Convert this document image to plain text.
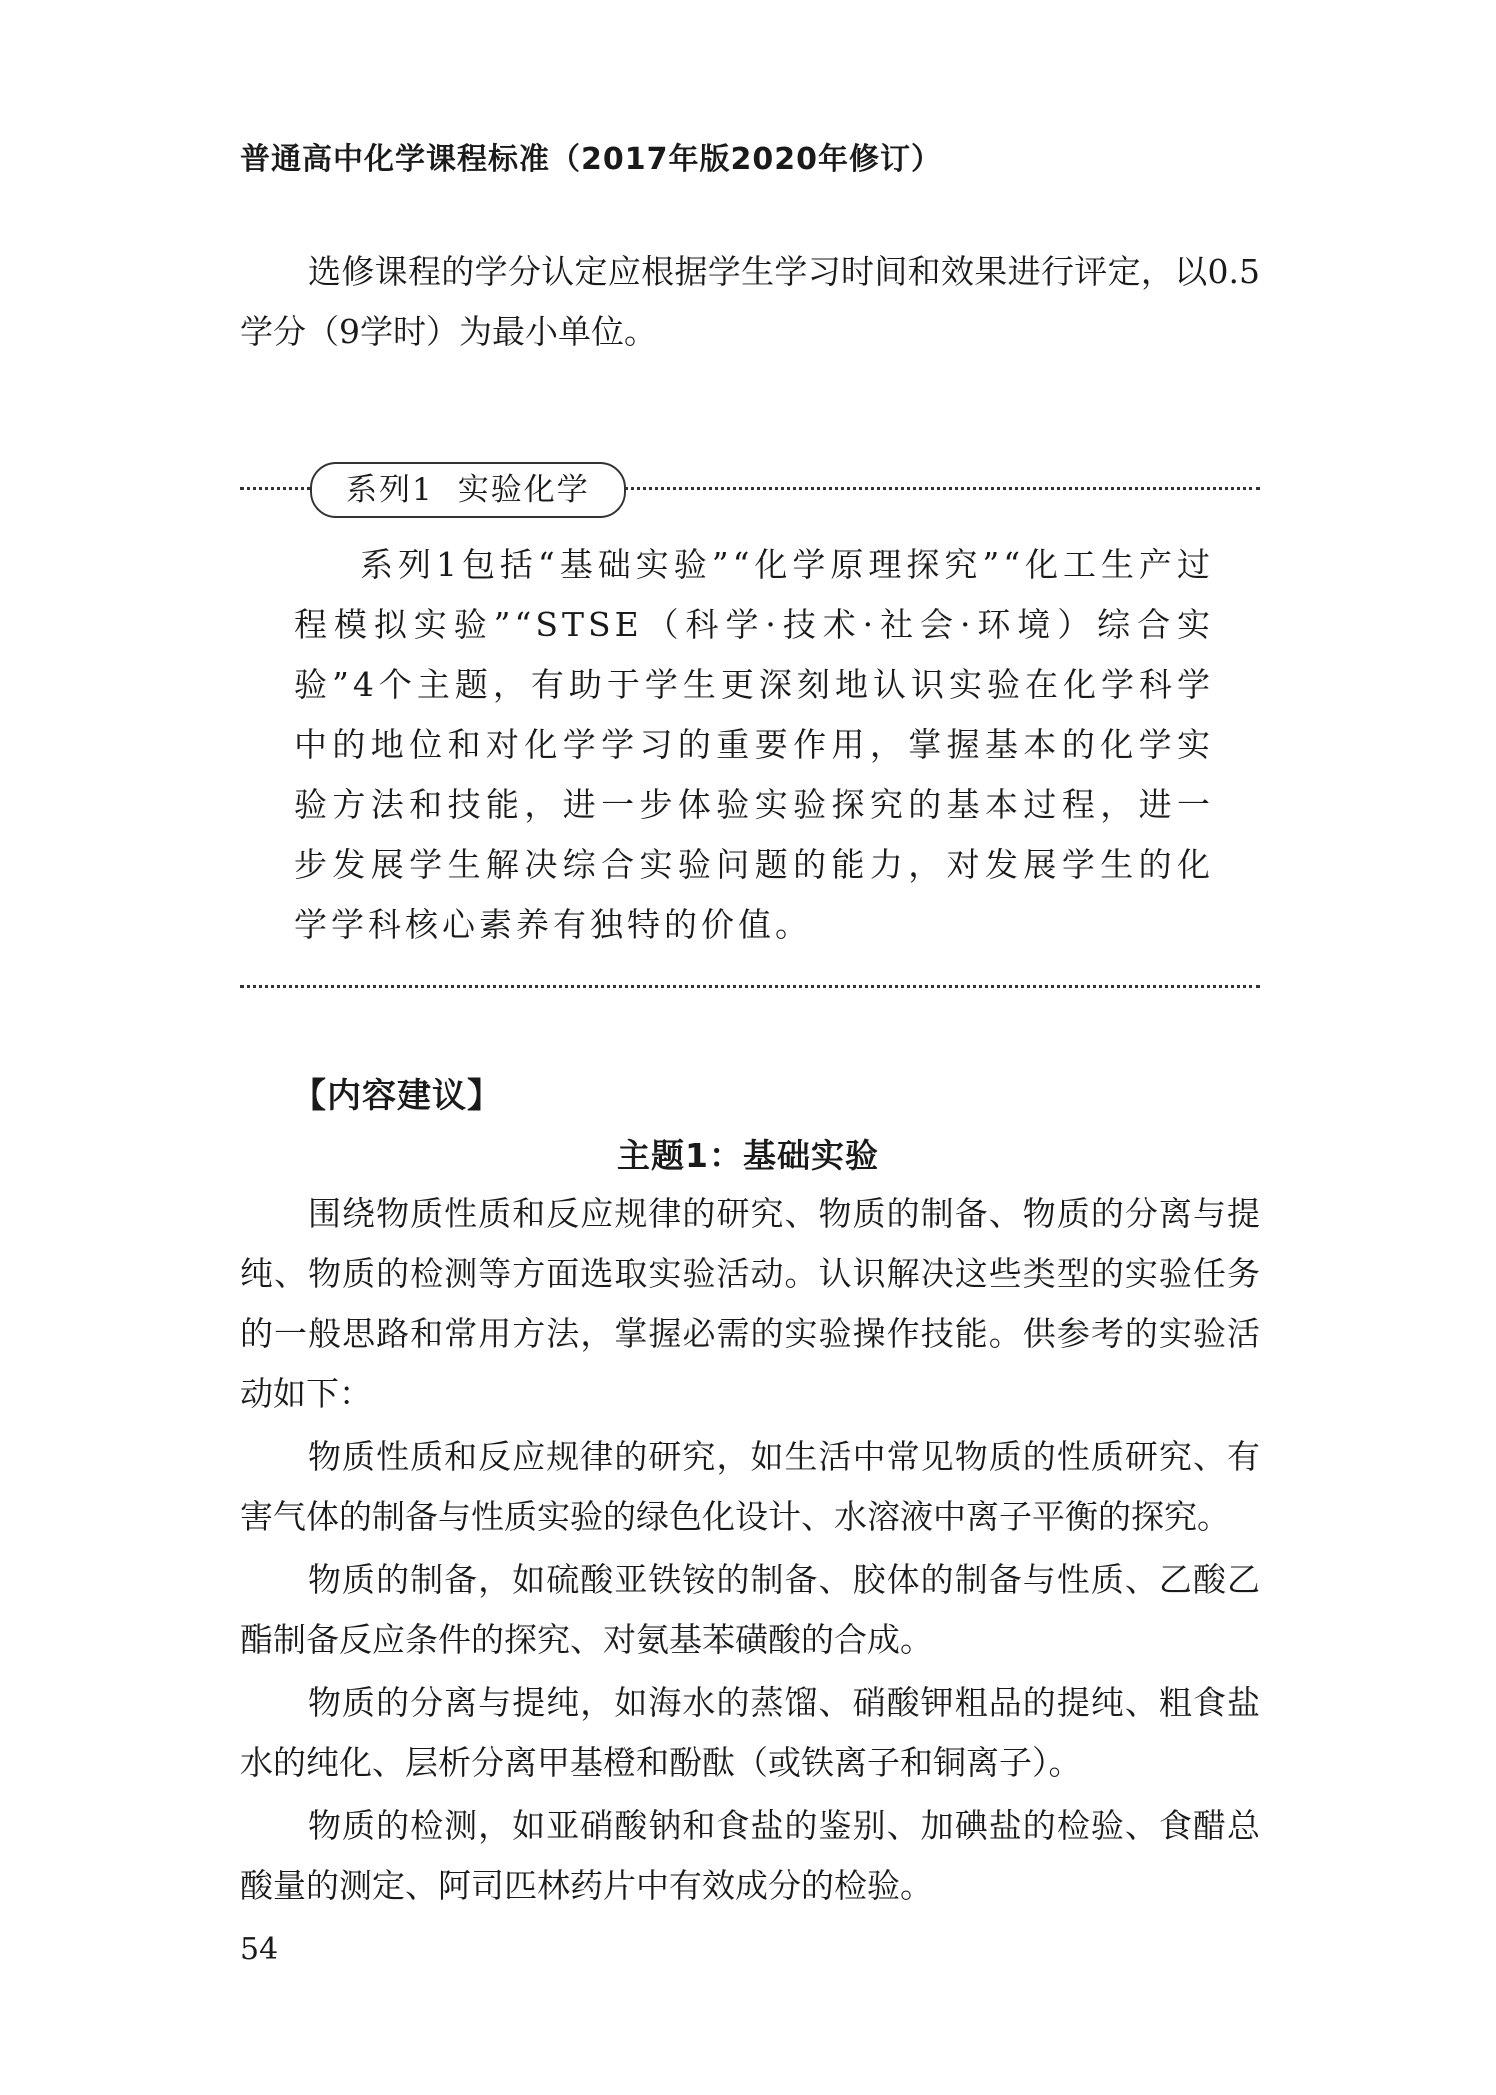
普通高中化学课程标准（2017年版2020年修订）

选修课程的学分认定应根据学生学习时间和效果进行评定，以0.5学分（9学时）为最小单位。

系列1 实验化学

系列1包括“基础实验”“化学原理探究”“化工生产过程模拟实验”“STSE（科学·技术·社会·环境）综合实验”4个主题，有助于学生更深刻地认识实验在化学科学中的地位和对化学学习的重要作用，掌握基本的化学实验方法和技能，进一步体验实验探究的基本过程，进一步发展学生解决综合实验问题的能力，对发展学生的化学学科核心素养有独特的价值。

【内容建议】
主题1：基础实验

围绕物质性质和反应规律的研究、物质的制备、物质的分离与提纯、物质的检测等方面选取实验活动。认识解决这些类型的实验任务的一般思路和常用方法，掌握必需的实验操作技能。供参考的实验活动如下：

物质性质和反应规律的研究，如生活中常见物质的性质研究、有害气体的制备与性质实验的绿色化设计、水溶液中离子平衡的探究。

物质的制备，如硫酸亚铁铵的制备、胶体的制备与性质、乙酸乙酯制备反应条件的探究、对氨基苯磺酸的合成。

物质的分离与提纯，如海水的蒸馏、硝酸钾粗品的提纯、粗食盐水的纯化、层析分离甲基橙和酚酞（或铁离子和铜离子）。

物质的检测，如亚硝酸钠和食盐的鉴别、加碘盐的检验、食醋总酸量的测定、阿司匹林药片中有效成分的检验。

54
